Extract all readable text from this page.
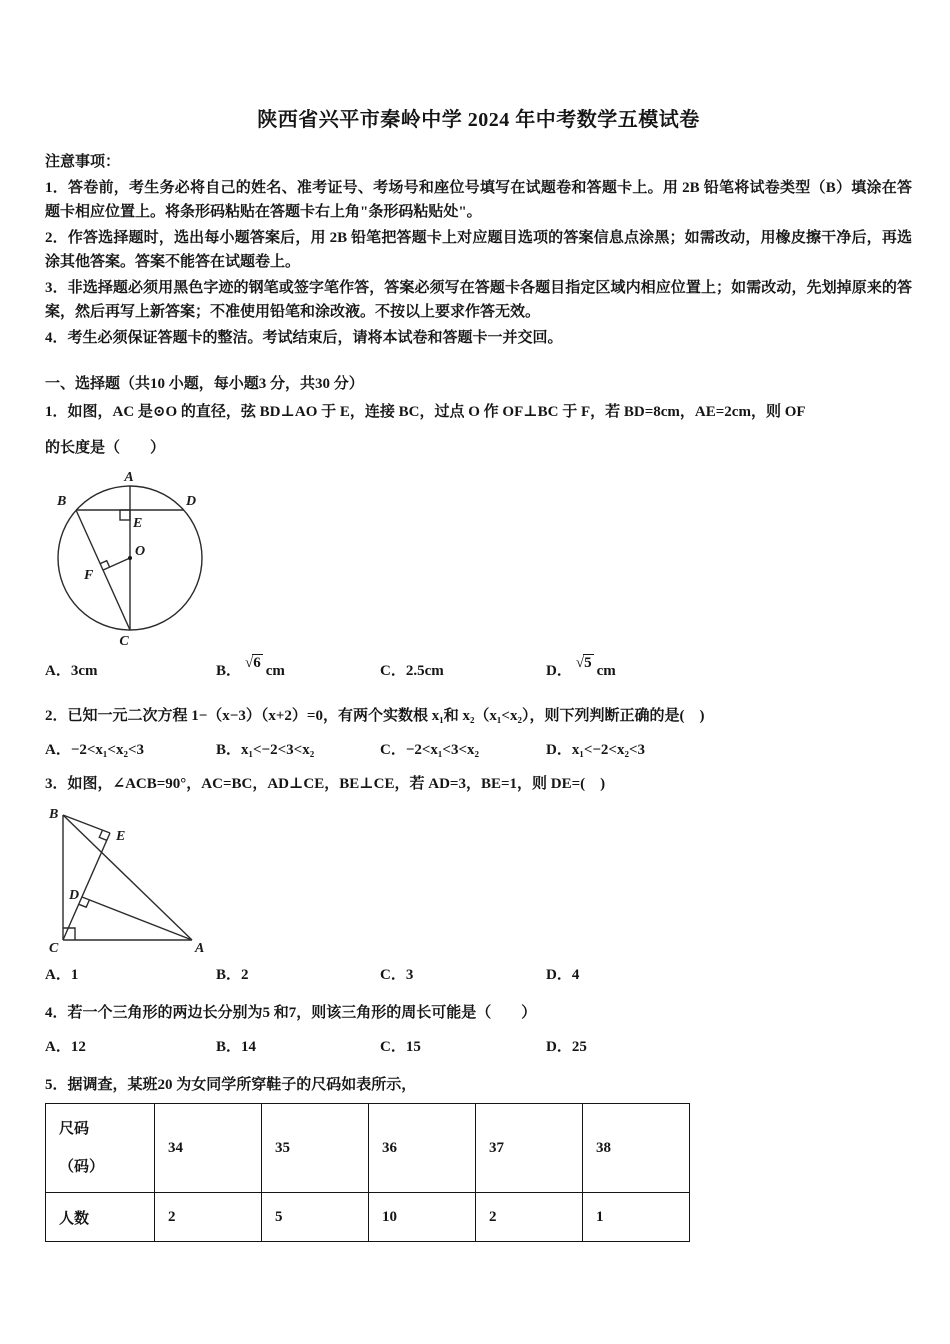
陕西省兴平市秦岭中学 2024 年中考数学五模试卷

注意事项：

1．答卷前，考生务必将自己的姓名、准考证号、考场号和座位号填写在试题卷和答题卡上。用 2B 铅笔将试卷类型（B）填涂在答题卡相应位置上。将条形码粘贴在答题卡右上角"条形码粘贴处"。

2．作答选择题时，选出每小题答案后，用 2B 铅笔把答题卡上对应题目选项的答案信息点涂黑；如需改动，用橡皮擦干净后，再选涂其他答案。答案不能答在试题卷上。

3．非选择题必须用黑色字迹的钢笔或签字笔作答，答案必须写在答题卡各题目指定区域内相应位置上；如需改动，先划掉原来的答案，然后再写上新答案；不准使用铅笔和涂改液。不按以上要求作答无效。

4．考生必须保证答题卡的整洁。考试结束后，请将本试卷和答题卡一并交回。

一、选择题（共10 小题，每小题3 分，共30 分）

1．如图，AC 是⊙O 的直径，弦 BD⊥AO 于 E，连接 BC，过点 O 作 OF⊥BC 于 F，若 BD=8cm，AE=2cm，则 OF

的长度是（　　）

A
B	D
E
O
F
C
A．3cm	B． √6 cm	C．2.5cm	D． √5 cm

2．已知一元二次方程 1−（x−3）（x+2）=0，有两个实数根 x₁和 x₂（x₁<x₂），则下列判断正确的是(　)

A．−2<x₁<x₂<3	B．x₁<−2<3<x₂	C．−2<x₁<3<x₂	D．x₁<−2<x₂<3

3．如图，∠ACB=90°，AC=BC，AD⊥CE，BE⊥CE，若 AD=3，BE=1，则 DE=(　)

B
E
D
C	A
A．1	B．2	C．3	D．4

4．若一个三角形的两边长分别为5 和7，则该三角形的周长可能是（　　）

A．12	B．14	C．15	D．25

5．据调查，某班20 为女同学所穿鞋子的尺码如表所示，

尺码
（码）	34	35	36	37	38
人数	2	5	10	2	1
